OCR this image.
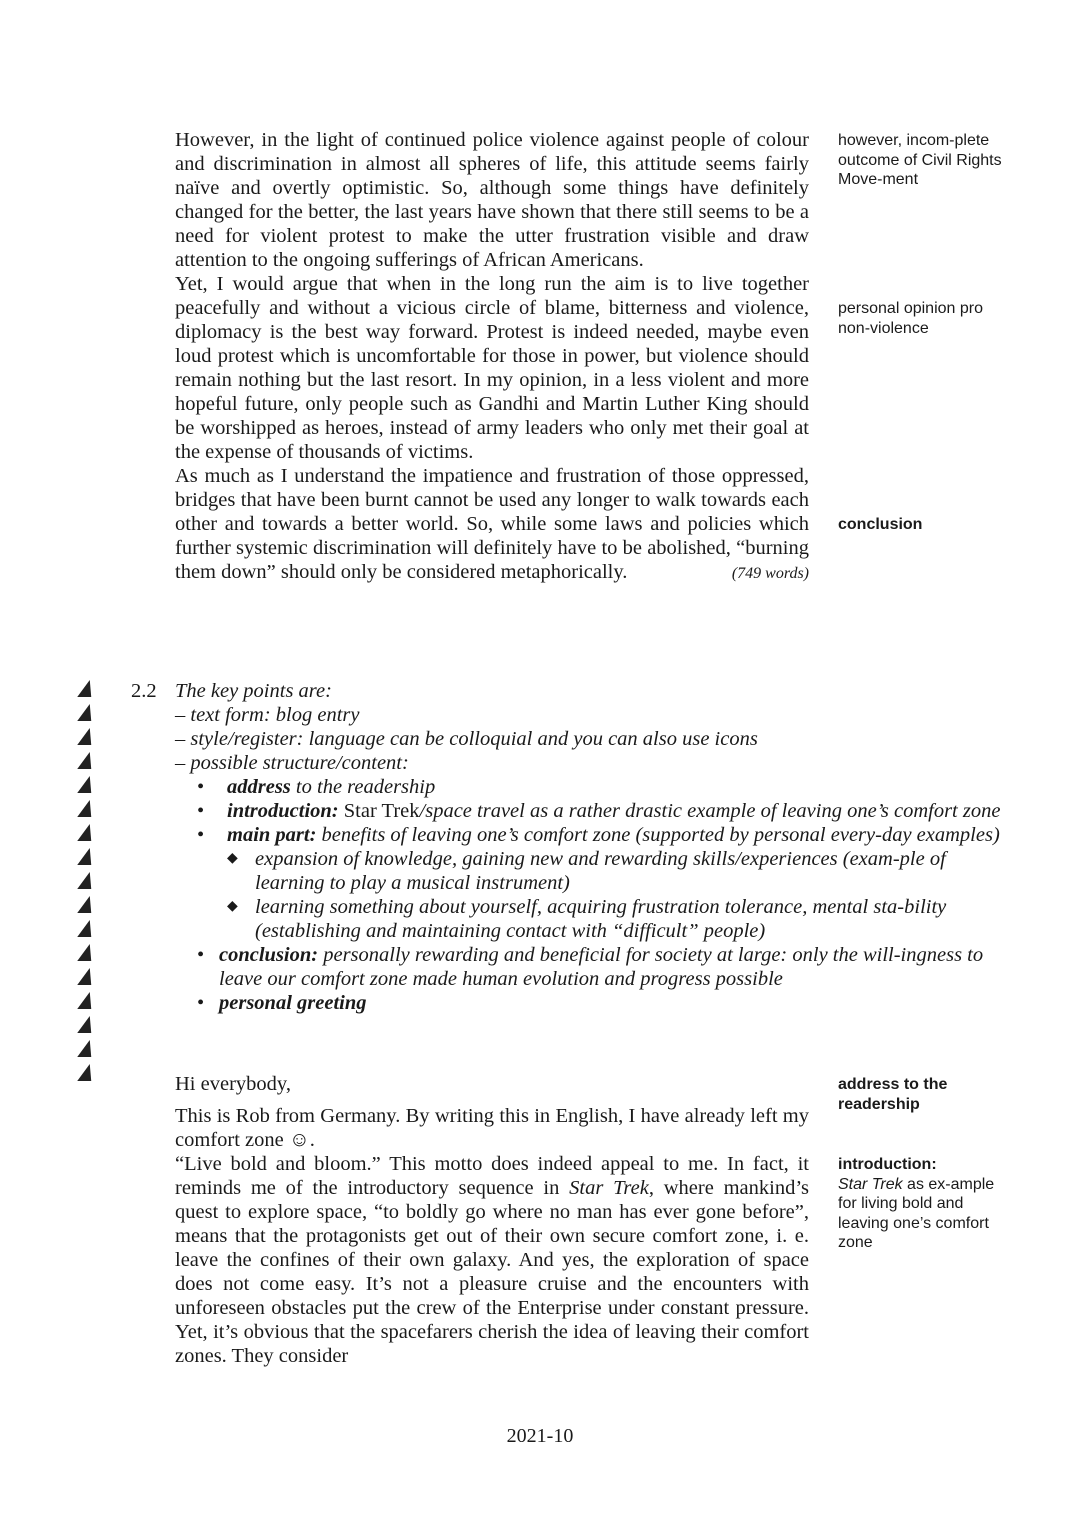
However, in the light of continued police violence against people of colour and discrimination in almost all spheres of life, this attitude seems fairly naïve and overtly optimistic. So, although some things have definitely changed for the better, the last years have shown that there still seems to be a need for violent protest to make the utter frustration visible and draw attention to the ongoing sufferings of African Americans.

Yet, I would argue that when in the long run the aim is to live together peacefully and without a vicious circle of blame, bitterness and violence, diplomacy is the best way forward. Protest is indeed needed, maybe even loud protest which is uncomfortable for those in power, but violence should remain nothing but the last resort. In my opinion, in a less violent and more hopeful future, only people such as Gandhi and Martin Luther King should be worshipped as heroes, instead of army leaders who only met their goal at the expense of thousands of victims.

As much as I understand the impatience and frustration of those oppressed, bridges that have been burnt cannot be used any longer to walk towards each other and towards a better world. So, while some laws and policies which further systemic discrimination will definitely have to be abolished, “burning them down” should only be considered metaphorically.	(749 words)
however, incom-plete outcome of Civil Rights Move-ment
personal opinion pro non-violence
conclusion
2.2 The key points are:
– text form: blog entry
– style/register: language can be colloquial and you can also use icons
– possible structure/content:
• address to the readership
• introduction: Star Trek/space travel as a rather drastic example of leaving one’s comfort zone
• main part: benefits of leaving one’s comfort zone (supported by personal every-day examples)
◆ expansion of knowledge, gaining new and rewarding skills/experiences (exam-ple of learning to play a musical instrument)
◆ learning something about yourself, acquiring frustration tolerance, mental sta-bility (establishing and maintaining contact with “difficult” people)
• conclusion: personally rewarding and beneficial for society at large: only the will-ingness to leave our comfort zone made human evolution and progress possible
• personal greeting

Hi everybody,

This is Rob from Germany. By writing this in English, I have already left my comfort zone ☺.

“Live bold and bloom.” This motto does indeed appeal to me. In fact, it reminds me of the introductory sequence in Star Trek, where mankind’s quest to explore space, “to boldly go where no man has ever gone before”, means that the protagonists get out of their own secure comfort zone, i. e. leave the confines of their own galaxy. And yes, the exploration of space does not come easy. It’s not a pleasure cruise and the encounters with unforeseen obstacles put the crew of the Enterprise under constant pressure. Yet, it’s obvious that the spacefarers cherish the idea of leaving their comfort zones. They consider

address to the readership
introduction:
Star Trek as ex-ample for living bold and leaving one’s comfort zone
2021-10
